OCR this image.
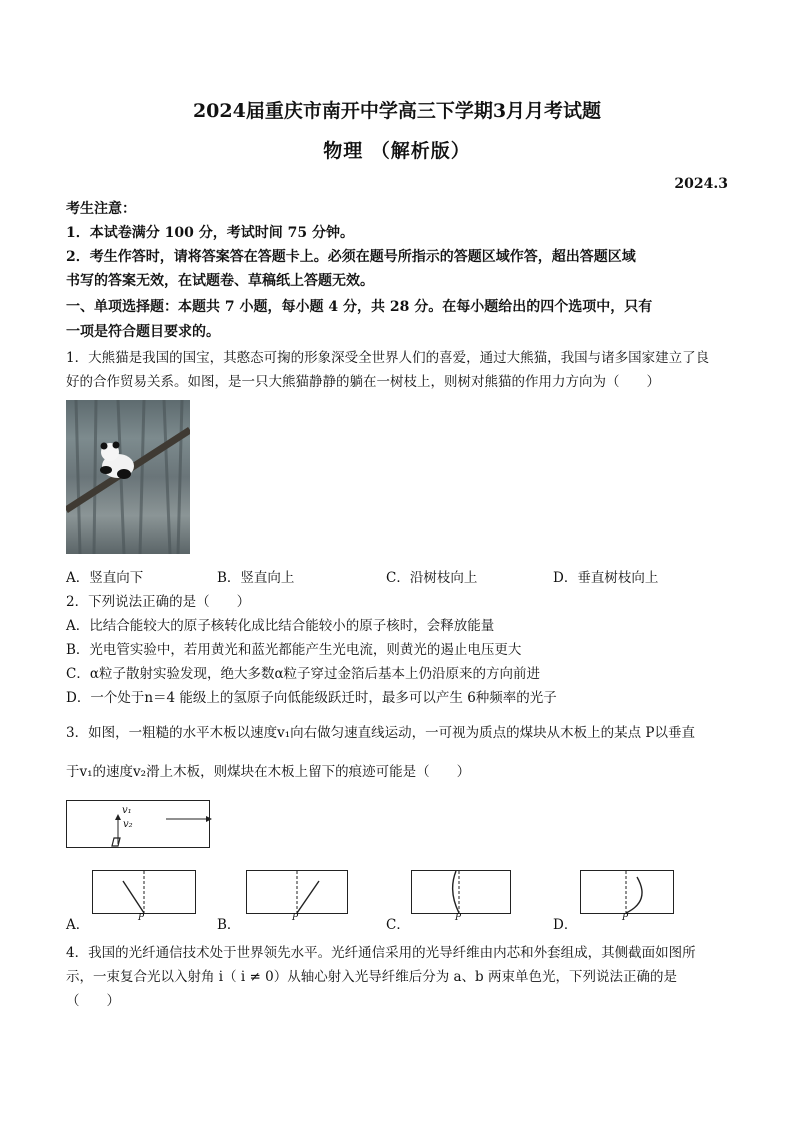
2024届重庆市南开中学高三下学期3月月考试题
物理 （解析版）
2024.3
考生注意：
1．本试卷满分 100 分，考试时间 75 分钟。
2．考生作答时，请将答案答在答题卡上。必须在题号所指示的答题区域作答，超出答题区域
书写的答案无效，在试题卷、草稿纸上答题无效。
一、单项选择题：本题共 7 小题，每小题 4 分，共 28 分。在每小题给出的四个选项中，只有
一项是符合题目要求的。
1．大熊猫是我国的国宝，其憨态可掬的形象深受全世界人们的喜爱，通过大熊猫，我国与诸多国家建立了良
好的合作贸易关系。如图，是一只大熊猫静静的躺在一树枝上，则树对熊猫的作用力方向为（　　）
A．竖直向下	B．竖直向上	C．沿树枝向上	D．垂直树枝向上
2．下列说法正确的是（　　）
A．比结合能较大的原子核转化成比结合能较小的原子核时，会释放能量
B．光电管实验中，若用黄光和蓝光都能产生光电流，则黄光的遏止电压更大
C．α粒子散射实验发现，绝大多数α粒子穿过金箔后基本上仍沿原来的方向前进
D．一个处于n＝4 能级上的氢原子向低能级跃迁时，最多可以产生 6种频率的光子
3．如图，一粗糙的水平木板以速度v₁向右做匀速直线运动，一可视为质点的煤块从木板上的某点 P以垂直
于v₁的速度v₂滑上木板，则煤块在木板上留下的痕迹可能是（　　）
v₁
v₂
P	P	P	P
A．	B．	C．	D．
4．我国的光纤通信技术处于世界领先水平。光纤通信采用的光导纤维由内芯和外套组成，其侧截面如图所
示，一束复合光以入射角 i（ i ≠ 0）从轴心射入光导纤维后分为 a、b 两束单色光，下列说法正确的是
（　　）
